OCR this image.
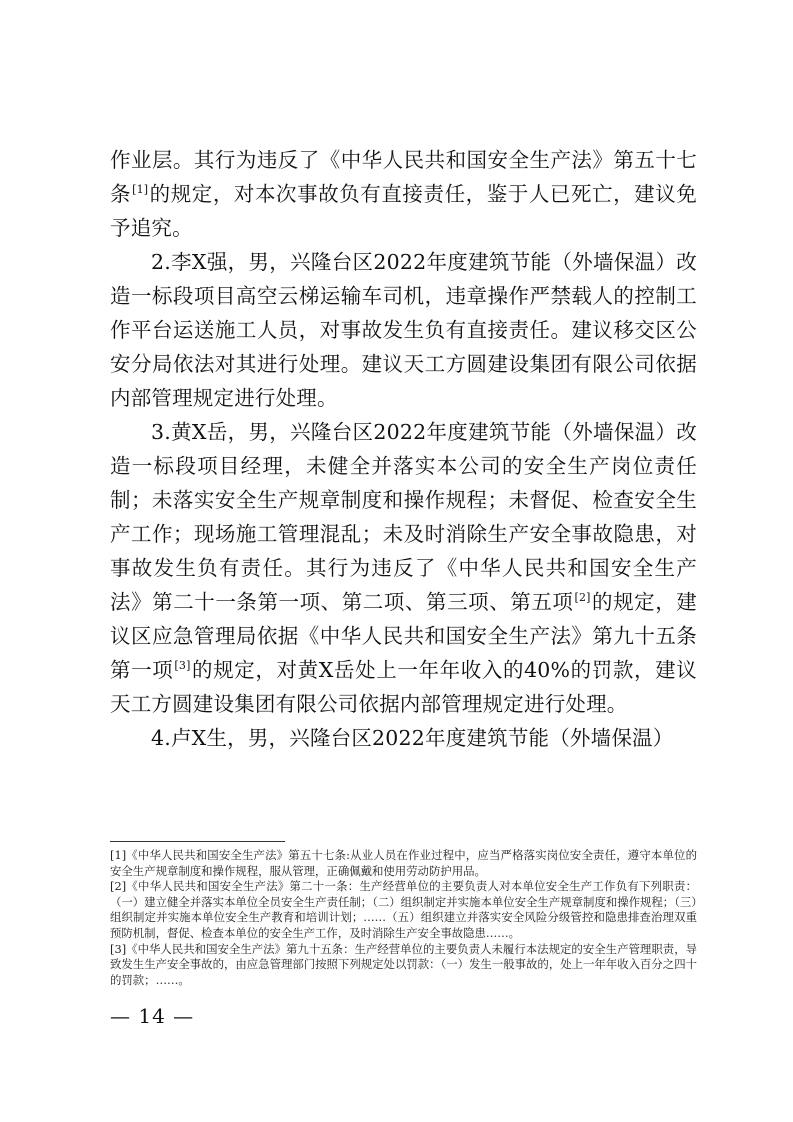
作业层。其行为违反了《中华人民共和国安全生产法》第五十七条[1]的规定，对本次事故负有直接责任，鉴于人已死亡，建议免予追究。

2.李X强，男，兴隆台区2022年度建筑节能（外墙保温）改造一标段项目高空云梯运输车司机，违章操作严禁载人的控制工作平台运送施工人员，对事故发生负有直接责任。建议移交区公安分局依法对其进行处理。建议天工方圆建设集团有限公司依据内部管理规定进行处理。

3.黄X岳，男，兴隆台区2022年度建筑节能（外墙保温）改造一标段项目经理，未健全并落实本公司的安全生产岗位责任制；未落实安全生产规章制度和操作规程；未督促、检查安全生产工作；现场施工管理混乱；未及时消除生产安全事故隐患，对事故发生负有责任。其行为违反了《中华人民共和国安全生产法》第二十一条第一项、第二项、第三项、第五项[2]的规定，建议区应急管理局依据《中华人民共和国安全生产法》第九十五条第一项[3]的规定，对黄X岳处上一年年收入的40%的罚款，建议天工方圆建设集团有限公司依据内部管理规定进行处理。

4.卢X生，男，兴隆台区2022年度建筑节能（外墙保温）

[1]《中华人民共和国安全生产法》第五十七条:从业人员在作业过程中，应当严格落实岗位安全责任，遵守本单位的安全生产规章制度和操作规程，服从管理，正确佩戴和使用劳动防护用品。

[2]《中华人民共和国安全生产法》第二十一条：生产经营单位的主要负责人对本单位安全生产工作负有下列职责：（一）建立健全并落实本单位全员安全生产责任制；（二）组织制定并实施本单位安全生产规章制度和操作规程；（三）组织制定并实施本单位安全生产教育和培训计划；……（五）组织建立并落实安全风险分级管控和隐患排查治理双重预防机制，督促、检查本单位的安全生产工作，及时消除生产安全事故隐患……。

[3]《中华人民共和国安全生产法》第九十五条：生产经营单位的主要负责人未履行本法规定的安全生产管理职责，导致发生生产安全事故的，由应急管理部门按照下列规定处以罚款：（一）发生一般事故的，处上一年年收入百分之四十的罚款；……。

— 14 —
